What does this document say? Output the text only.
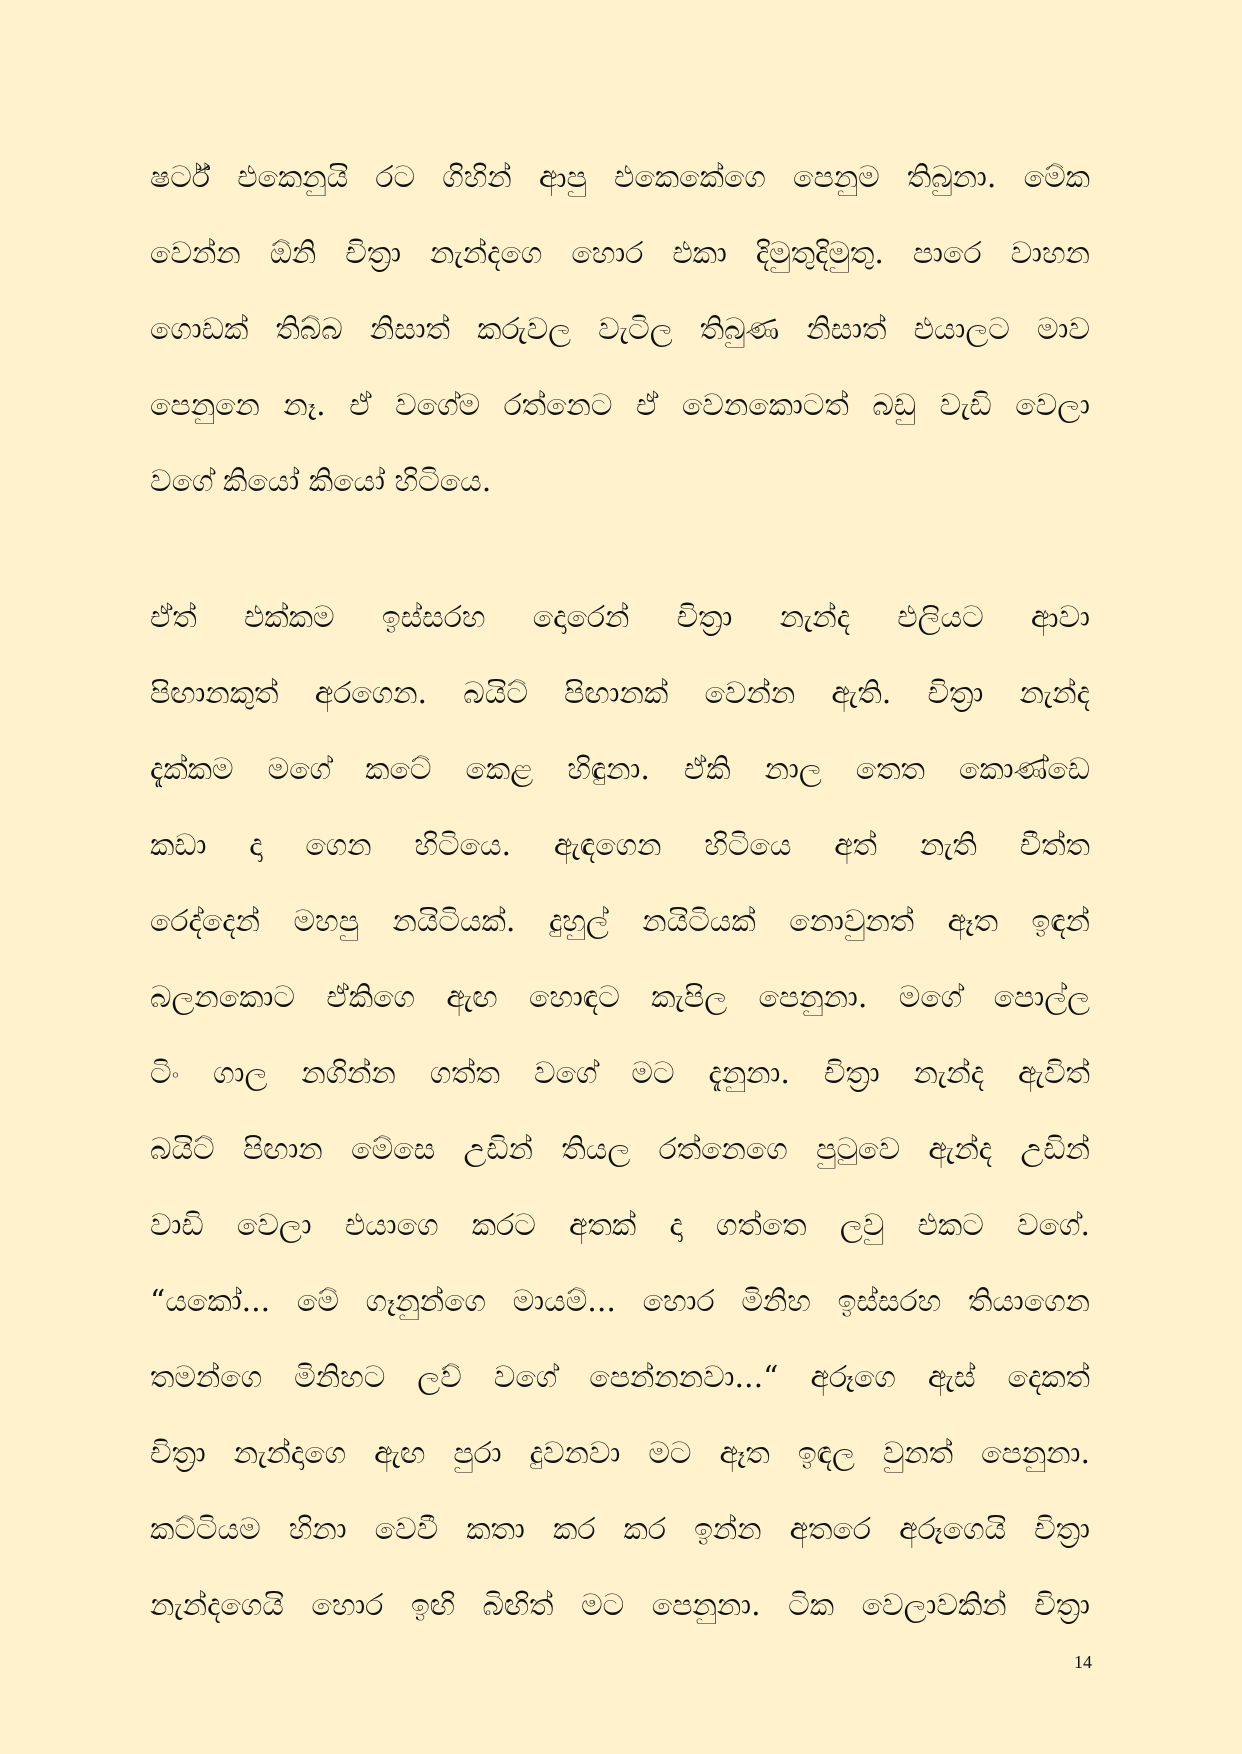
ෂර්ට් එකෙනුයි රට ගිහින් ආපු එකෙකේගෙ පෙනුම තිබුනා. මේක
වෙන්න ඕනි චිත්‍රා නැන්දගෙ හොර එකා දිමුතුදිමුතු. පාරෙ වාහන
ගොඩක් තිබ්බ නිසාත් කරුවල වැටිල තිබුණ නිසාත් එයාලට මාව
පෙනුනෙ නෑ. ඒ වගේම රත්නෙට ඒ වෙනකොටත් බඩු වැඩි වෙලා
වගේ කියෝ කියෝ හිටියෙ.
ඒත් එක්කම ඉස්සරහ දොරෙන් චිත්‍රා නැන්ද එලියට ආවා
පිඟානකුත් අරගෙන. බයිට් පිඟානක් වෙන්න ඇති. චිත්‍රා නැන්ද
දැක්කම මගේ කටේ කෙළ හිඳුනා. ඒකි නාල තෙත කොණ්ඩෙ
කඩා දා ගෙන හිටියෙ. ඇඳගෙන හිටියෙ අත් නැති චීත්ත
රෙද්දෙන් මහපු නයිටියක්. දුහුල් නයිටියක් නොවුනත් ඈත ඉඳන්
බලනකොට ඒකිගෙ ඇඟ හොඳට කැපිල පෙනුනා. මගේ පොල්ල
ටිං ගාල නගින්න ගත්ත වගේ මට දැනුනා. චිත්‍රා නැන්ද ඇවිත්
බයිට් පිඟාන මේසෙ උඩින් තියල රත්නෙගෙ පුටුවෙ ඇන්ද උඩින්
වාඩි වෙලා එයාගෙ කරට අතක් දා ගත්තෙ ලවු එකට වගේ.
“යකෝ... මේ ගෑනුන්ගෙ මායම්... හොර මිනිහ ඉස්සරහ තියාගෙන
තමන්ගෙ මිනිහට ලව් වගේ පෙන්නනවා...“ අරූගෙ ඇස් දෙකත්
චිත්‍රා නැන්දාගෙ ඇඟ පුරා දුවනවා මට ඈත ඉඳල වුනත් පෙනුනා.
කට්ටියම හිනා වෙවී කතා කර කර ඉන්න අතරෙ අරූගෙයි චිත්‍රා
නැන්දගෙයි හොර ඉඟි බිඟිත් මට පෙනුනා. ටික වෙලාවකින් චිත්‍රා
14
